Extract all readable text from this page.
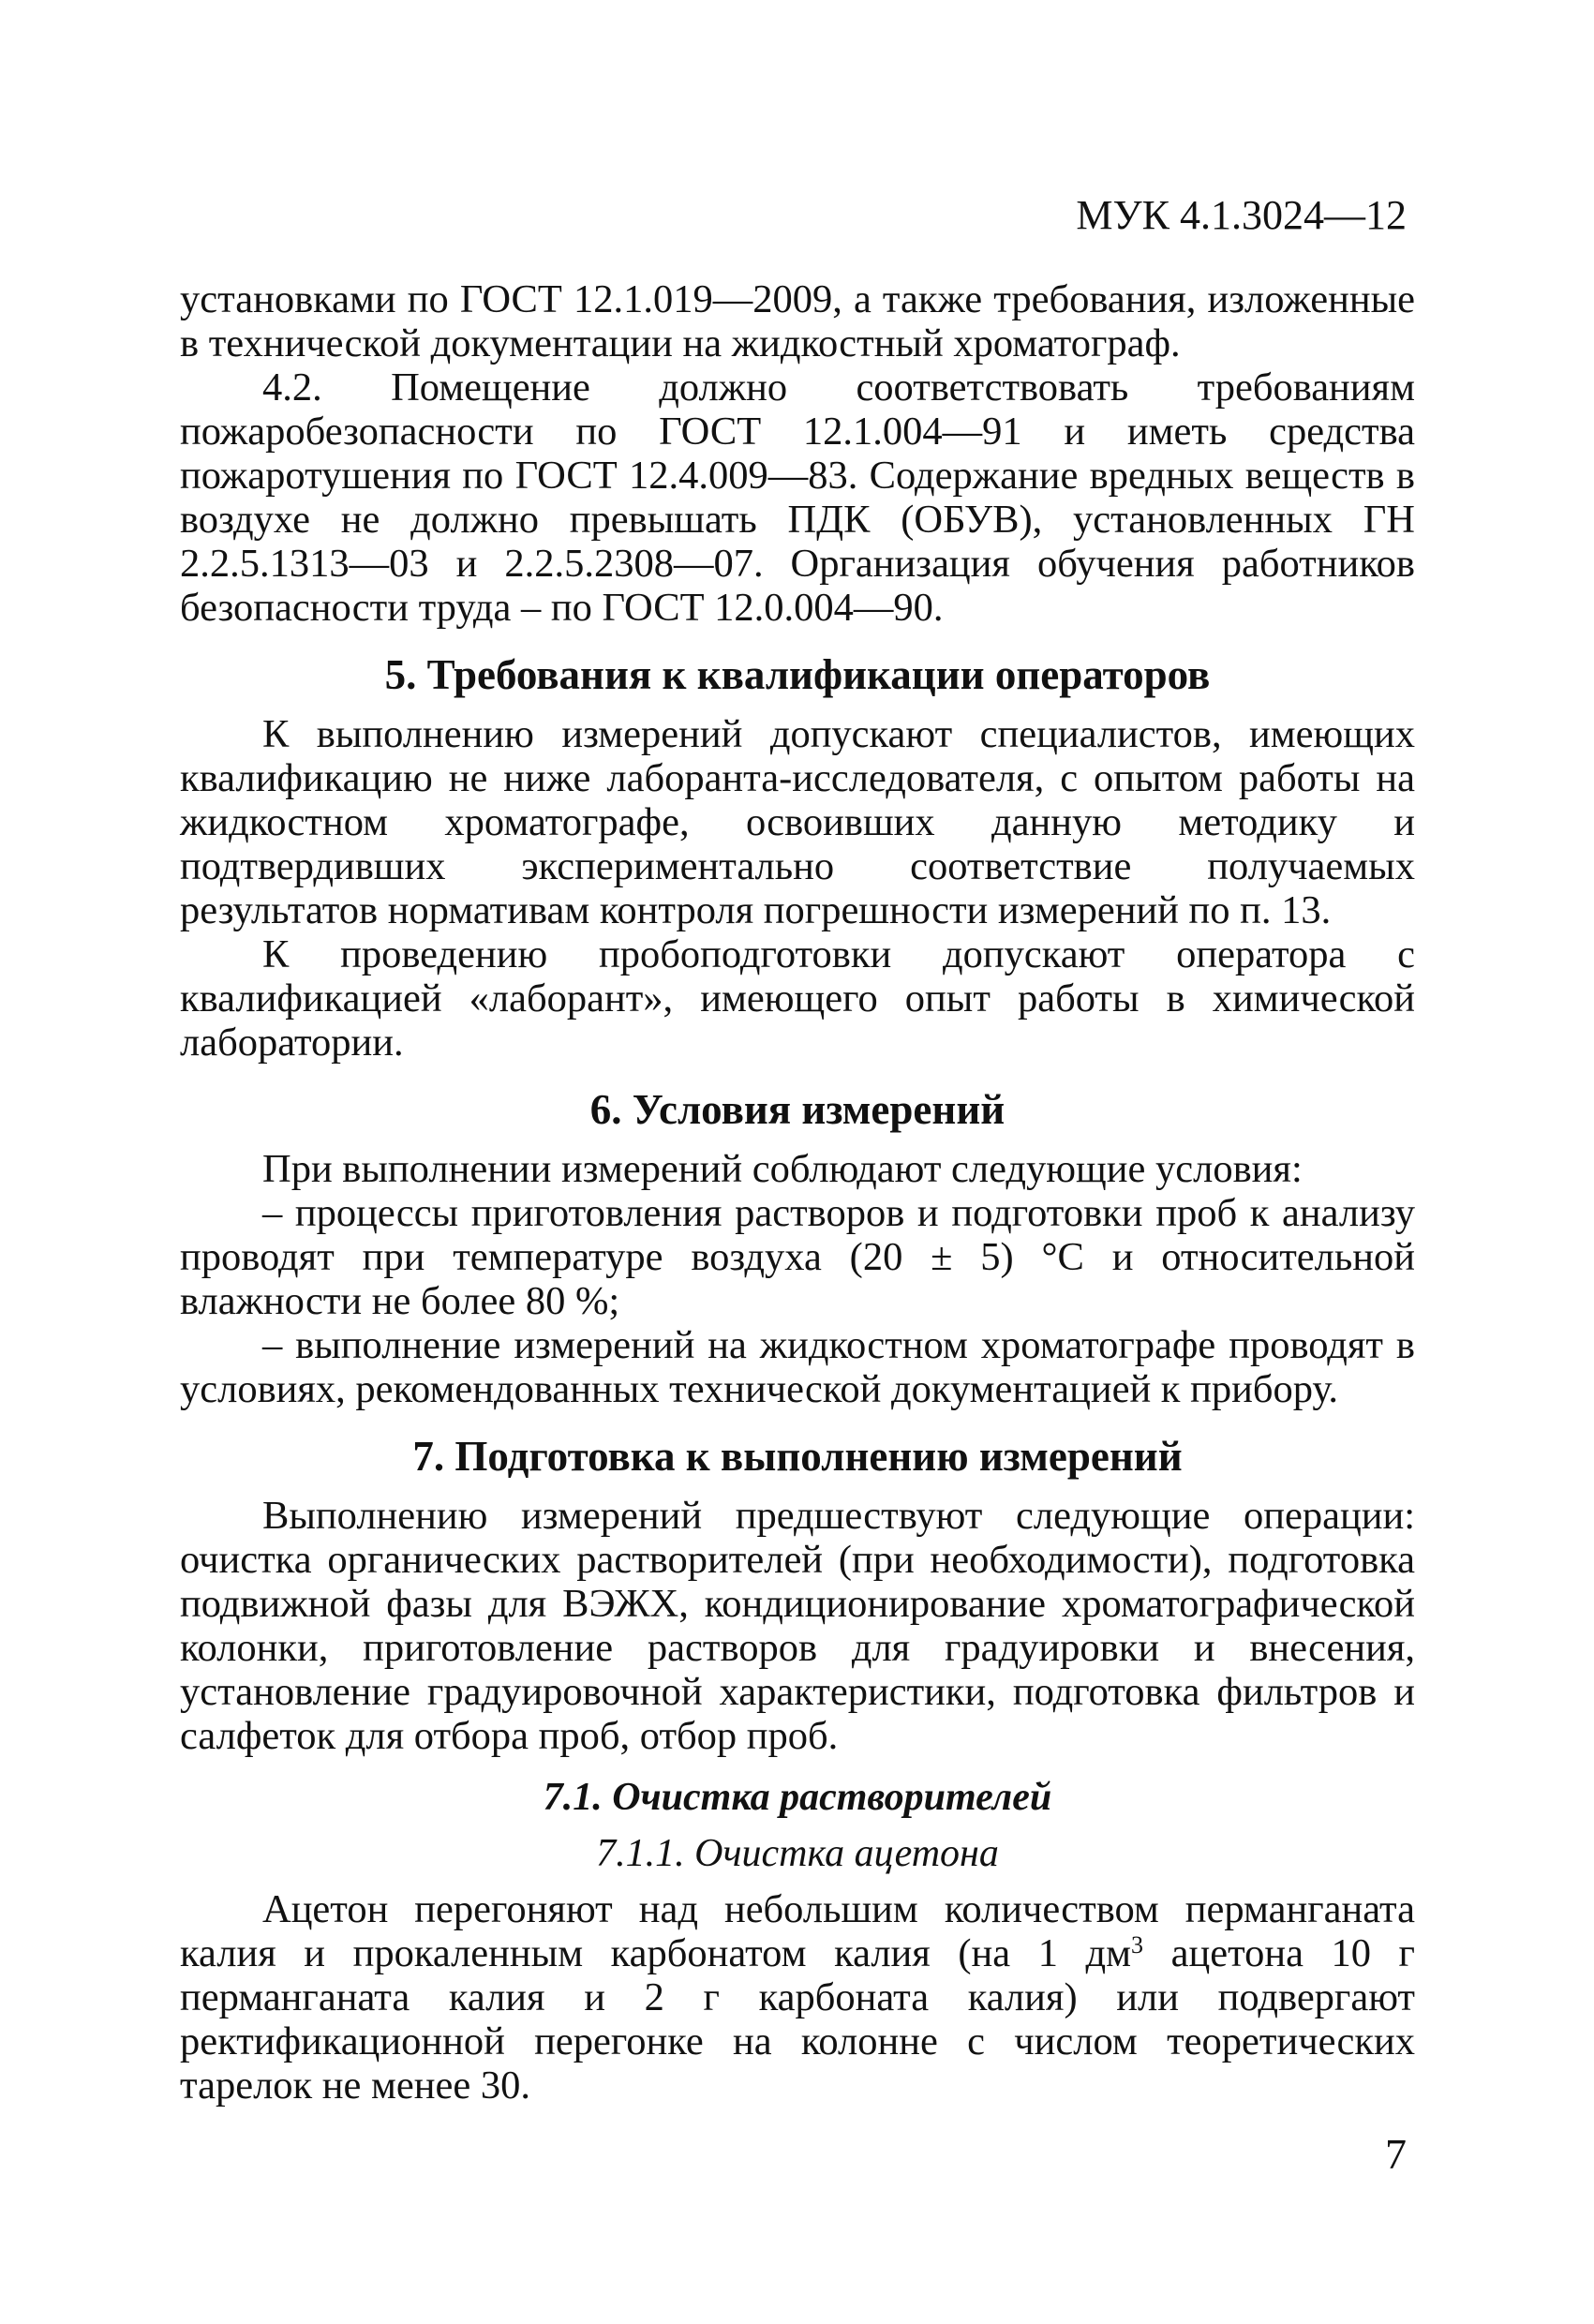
МУК 4.1.3024—12

установками по ГОСТ 12.1.019—2009, а также требования, изложенные в технической документации на жидкостный хроматограф.

4.2. Помещение должно соответствовать требованиям пожаробезопасности по ГОСТ 12.1.004—91 и иметь средства пожаротушения по ГОСТ 12.4.009—83. Содержание вредных веществ в воздухе не должно превышать ПДК (ОБУВ), установленных ГН 2.2.5.1313—03 и 2.2.5.2308—07. Организация обучения работников безопасности труда – по ГОСТ 12.0.004—90.

5. Требования к квалификации операторов

К выполнению измерений допускают специалистов, имеющих квалификацию не ниже лаборанта-исследователя, с опытом работы на жидкостном хроматографе, освоивших данную методику и подтвердивших экспериментально соответствие получаемых результатов нормативам контроля погрешности измерений по п. 13.

К проведению пробоподготовки допускают оператора с квалификацией «лаборант», имеющего опыт работы в химической лаборатории.

6. Условия измерений

При выполнении измерений соблюдают следующие условия:

– процессы приготовления растворов и подготовки проб к анализу проводят при температуре воздуха (20 ± 5) °С и относительной влажности не более 80 %;

– выполнение измерений на жидкостном хроматографе проводят в условиях, рекомендованных технической документацией к прибору.

7. Подготовка к выполнению измерений

Выполнению измерений предшествуют следующие операции: очистка органических растворителей (при необходимости), подготовка подвижной фазы для ВЭЖХ, кондиционирование хроматографической колонки, приготовление растворов для градуировки и внесения, установление градуировочной характеристики, подготовка фильтров и салфеток для отбора проб, отбор проб.

7.1. Очистка растворителей
7.1.1. Очистка ацетона

Ацетон перегоняют над небольшим количеством перманганата калия и прокаленным карбонатом калия (на 1 $дм^3$ ацетона 10 г перманганата калия и 2 г карбоната калия) или подвергают ректификационной перегонке на колонне с числом теоретических тарелок не менее 30.

7
